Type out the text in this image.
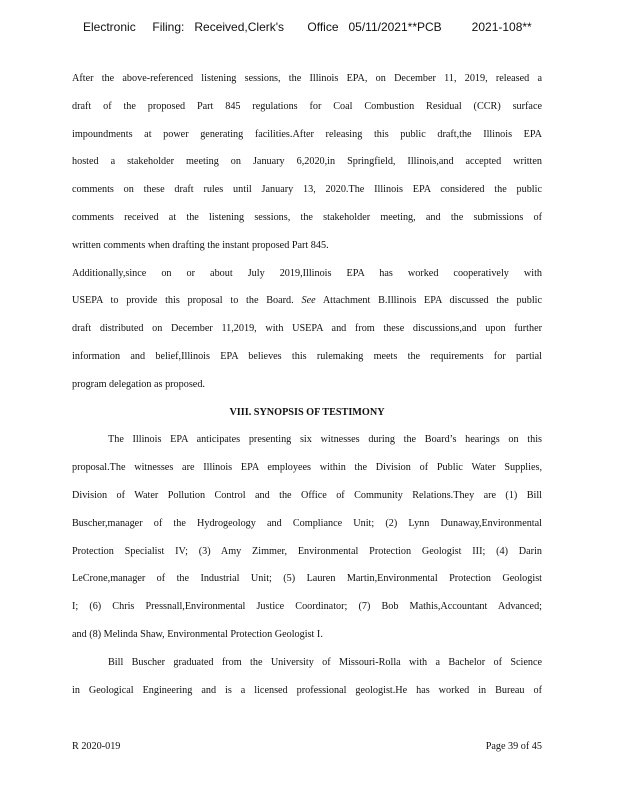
Electronic     Filing:   Received,Clerk's       Office   05/11/2021**PCB         2021-108**
After the above-referenced listening sessions, the Illinois EPA, on December 11, 2019, released a
draft of the proposed Part 845 regulations for Coal Combustion Residual (CCR) surface
impoundments at power generating facilities.After releasing this public draft,the Illinois EPA
hosted a stakeholder meeting on January 6,2020,in Springfield, Illinois,and accepted written
comments on these draft rules until January 13, 2020.The Illinois EPA considered the public
comments received at the listening sessions, the stakeholder meeting, and the submissions of
written comments when drafting the instant proposed Part 845.
Additionally,since on or about July 2019,Illinois EPA has worked cooperatively with
USEPA to provide this proposal to the Board. See Attachment B.Illinois EPA discussed the public
draft distributed on December 11,2019, with USEPA and from these discussions,and upon further
information and belief,Illinois EPA believes this rulemaking meets the requirements for partial
program delegation as proposed.
VIII. SYNOPSIS OF TESTIMONY
The Illinois EPA anticipates presenting six witnesses during the Board’s hearings on this
proposal.The witnesses are Illinois EPA employees within the Division of Public Water Supplies,
Division of Water Pollution Control and the Office of Community Relations.They are (1) Bill
Buscher,manager of the Hydrogeology and Compliance Unit; (2) Lynn Dunaway,Environmental
Protection Specialist IV; (3) Amy Zimmer, Environmental Protection Geologist III; (4) Darin
LeCrone,manager of the Industrial Unit; (5) Lauren Martin,Environmental Protection Geologist
I; (6) Chris Pressnall,Environmental Justice Coordinator; (7) Bob Mathis,Accountant Advanced;
and (8) Melinda Shaw, Environmental Protection Geologist I.
Bill Buscher graduated from the University of Missouri-Rolla with a Bachelor of Science
in Geological Engineering and is a licensed professional geologist.He has worked in Bureau of
R 2020-019	Page 39 of 45
